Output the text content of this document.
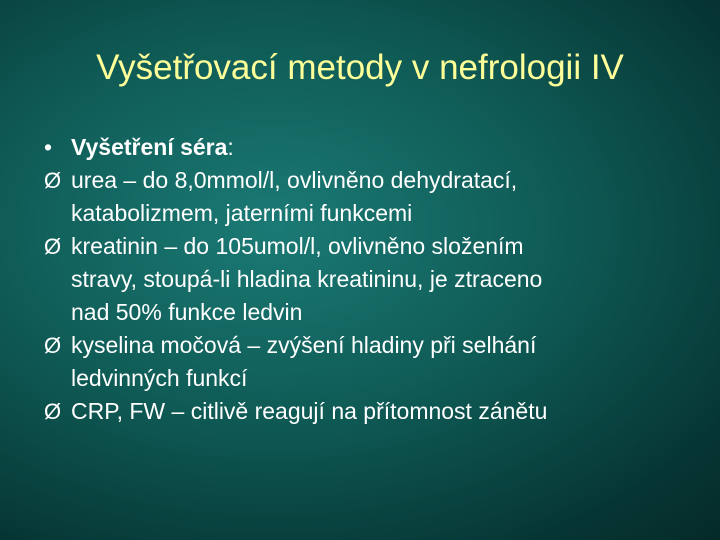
Vyšetřovací metody v nefrologii IV
• Vyšetření séra:
Ø urea – do 8,0mmol/l, ovlivněno dehydratací,
katabolizmem, jaterními funkcemi
Ø kreatinin – do 105umol/l, ovlivněno složením
stravy, stoupá-li hladina kreatininu, je ztraceno
nad 50% funkce ledvin
Ø kyselina močová – zvýšení hladiny při selhání
ledvinných funkcí
Ø CRP, FW – citlivě reagují na přítomnost zánětu
